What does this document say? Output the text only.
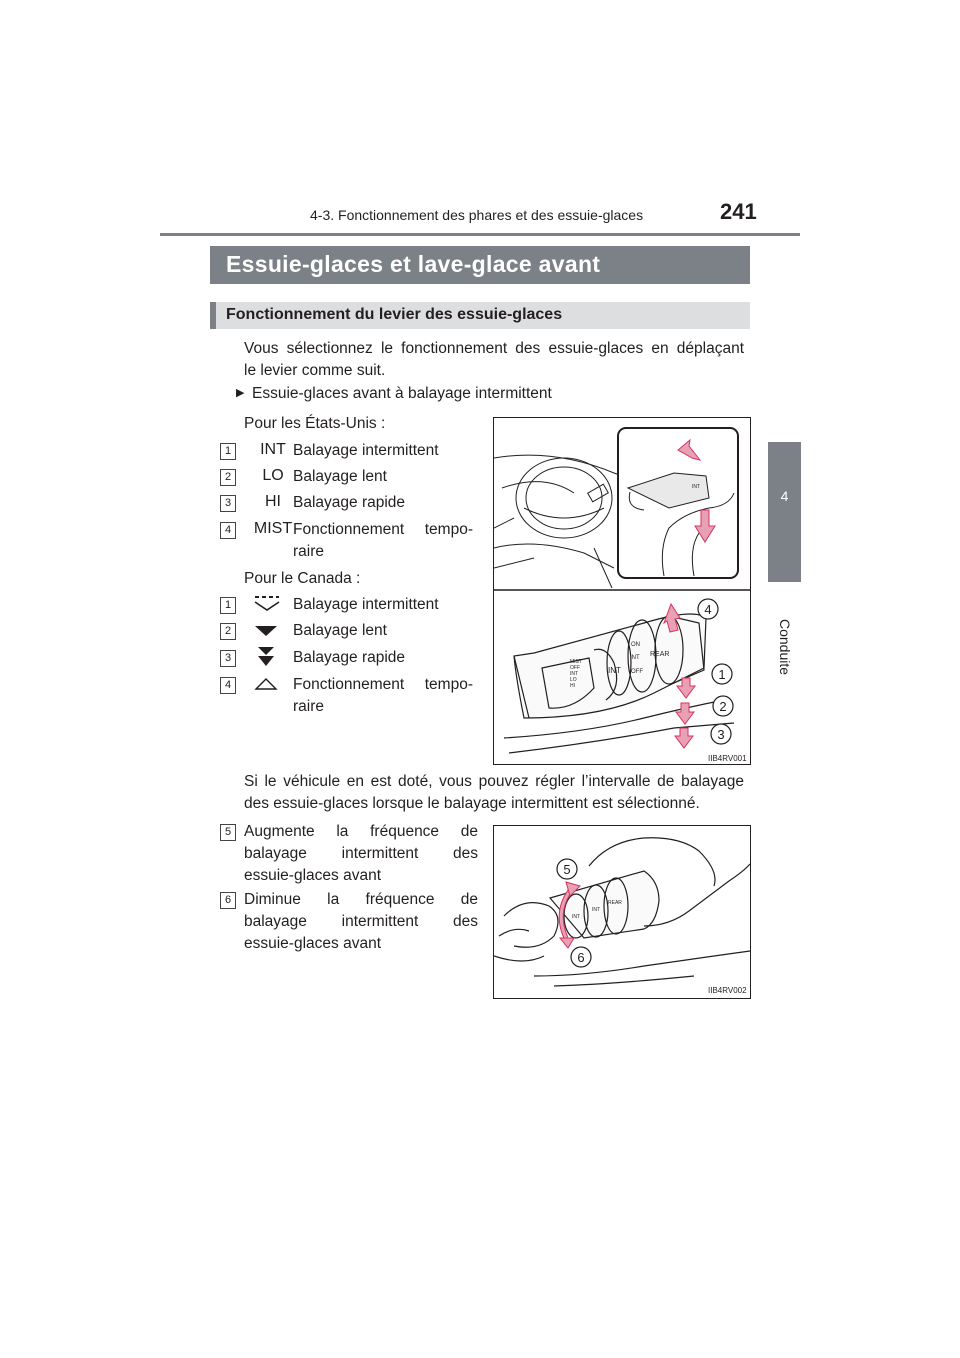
4-3. Fonctionnement des phares et des essuie-glaces	241
4
Conduite
Essuie-glaces et lave-glace avant
Fonctionnement du levier des essuie-glaces
Vous sélectionnez le fonctionnement des essuie-glaces en déplaçant
le levier comme suit.
▶ Essuie-glaces avant à balayage intermittent
Pour les États-Unis :
1	INT Balayage intermittent
2	LO Balayage lent
3	HI Balayage rapide
4	MIST Fonctionnement tempo-
raire
Pour le Canada :
1	Balayage intermittent
2	Balayage lent
3	Balayage rapide
4	Fonctionnement tempo-
raire
INT
MIST
OFF
INT
LO
HI
INT
ON
INT
OFF
REAR
4
1
2
3
IIB4RV001
Si le véhicule en est doté, vous pouvez régler l’intervalle de balayage
des essuie-glaces lorsque le balayage intermittent est sélectionné.
5 Augmente la fréquence de
balayage intermittent des
essuie-glaces avant
6 Diminue la fréquence de
balayage intermittent des
essuie-glaces avant
INT
INT
REAR
5
6
IIB4RV002
